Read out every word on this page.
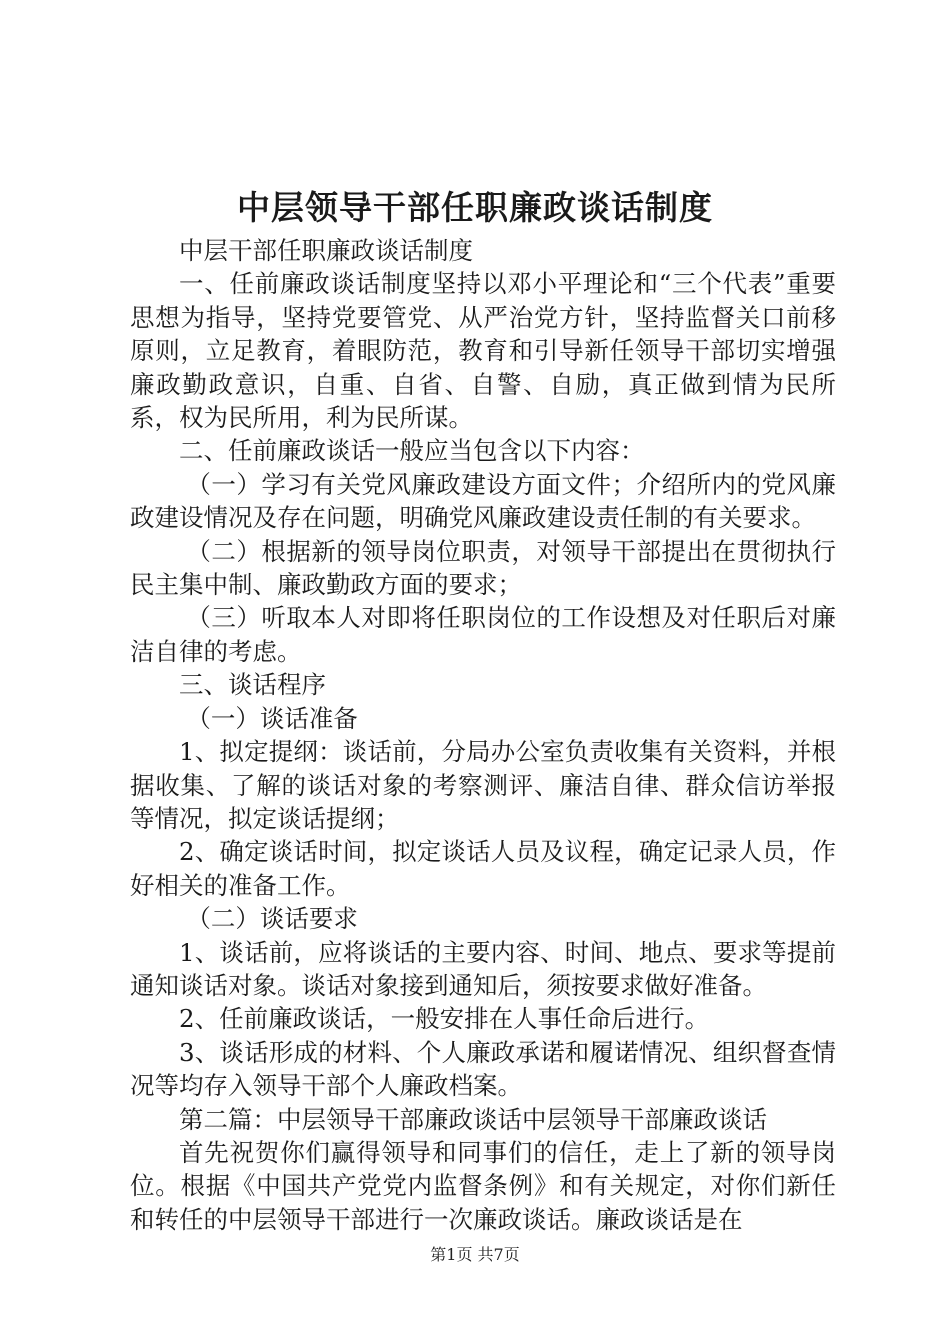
中层领导干部任职廉政谈话制度

中层干部任职廉政谈话制度

一、任前廉政谈话制度坚持以邓小平理论和“三个代表”重要思想为指导，坚持党要管党、从严治党方针，坚持监督关口前移原则，立足教育，着眼防范，教育和引导新任领导干部切实增强廉政勤政意识，自重、自省、自警、自励，真正做到情为民所系，权为民所用，利为民所谋。

二、任前廉政谈话一般应当包含以下内容：

（一）学习有关党风廉政建设方面文件；介绍所内的党风廉政建设情况及存在问题，明确党风廉政建设责任制的有关要求。

（二）根据新的领导岗位职责，对领导干部提出在贯彻执行民主集中制、廉政勤政方面的要求；

（三）听取本人对即将任职岗位的工作设想及对任职后对廉洁自律的考虑。

三、谈话程序

（一）谈话准备

1、拟定提纲：谈话前，分局办公室负责收集有关资料，并根据收集、了解的谈话对象的考察测评、廉洁自律、群众信访举报等情况，拟定谈话提纲；

2、确定谈话时间，拟定谈话人员及议程，确定记录人员，作好相关的准备工作。

（二）谈话要求

1、谈话前，应将谈话的主要内容、时间、地点、要求等提前通知谈话对象。谈话对象接到通知后，须按要求做好准备。

2、任前廉政谈话，一般安排在人事任命后进行。

3、谈话形成的材料、个人廉政承诺和履诺情况、组织督查情况等均存入领导干部个人廉政档案。

第二篇：中层领导干部廉政谈话中层领导干部廉政谈话

首先祝贺你们赢得领导和同事们的信任，走上了新的领导岗位。根据《中国共产党党内监督条例》和有关规定，对你们新任和转任的中层领导干部进行一次廉政谈话。廉政谈话是在

第1页 共7页
